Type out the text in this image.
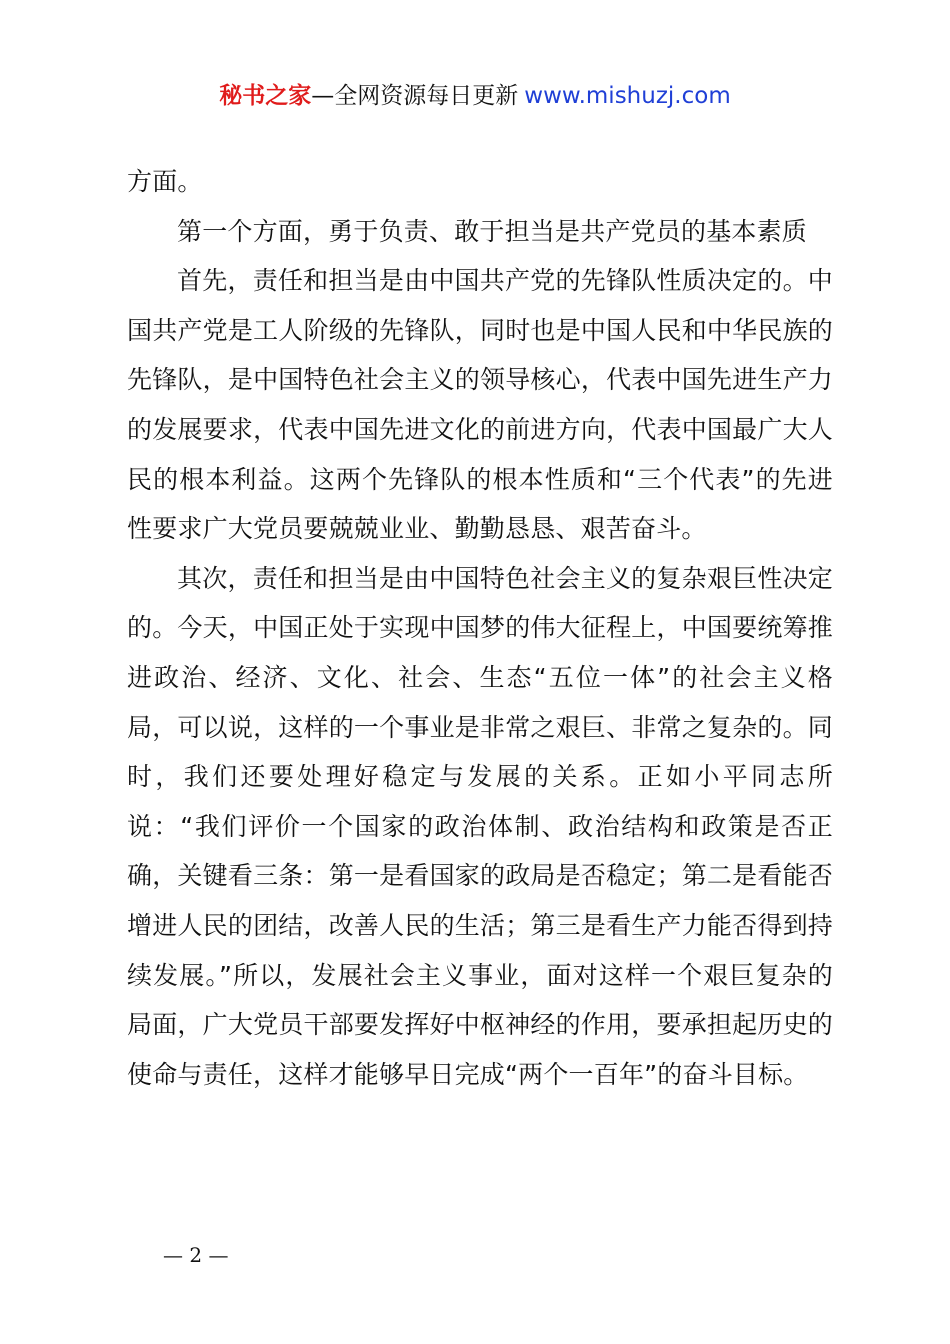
秘书之家—全网资源每日更新 www.mishuzj.com

方面。

第一个方面，勇于负责、敢于担当是共产党员的基本素质

首先，责任和担当是由中国共产党的先锋队性质决定的。中国共产党是工人阶级的先锋队，同时也是中国人民和中华民族的先锋队，是中国特色社会主义的领导核心，代表中国先进生产力的发展要求，代表中国先进文化的前进方向，代表中国最广大人民的根本利益。这两个先锋队的根本性质和“三个代表”的先进性要求广大党员要兢兢业业、勤勤恳恳、艰苦奋斗。

其次，责任和担当是由中国特色社会主义的复杂艰巨性决定的。今天，中国正处于实现中国梦的伟大征程上，中国要统筹推进政治、经济、文化、社会、生态“五位一体”的社会主义格局，可以说，这样的一个事业是非常之艰巨、非常之复杂的。同时，我们还要处理好稳定与发展的关系。正如小平同志所说：“我们评价一个国家的政治体制、政治结构和政策是否正确，关键看三条：第一是看国家的政局是否稳定；第二是看能否增进人民的团结，改善人民的生活；第三是看生产力能否得到持续发展。”所以，发展社会主义事业，面对这样一个艰巨复杂的局面，广大党员干部要发挥好中枢神经的作用，要承担起历史的使命与责任，这样才能够早日完成“两个一百年”的奋斗目标。

— 2 —
